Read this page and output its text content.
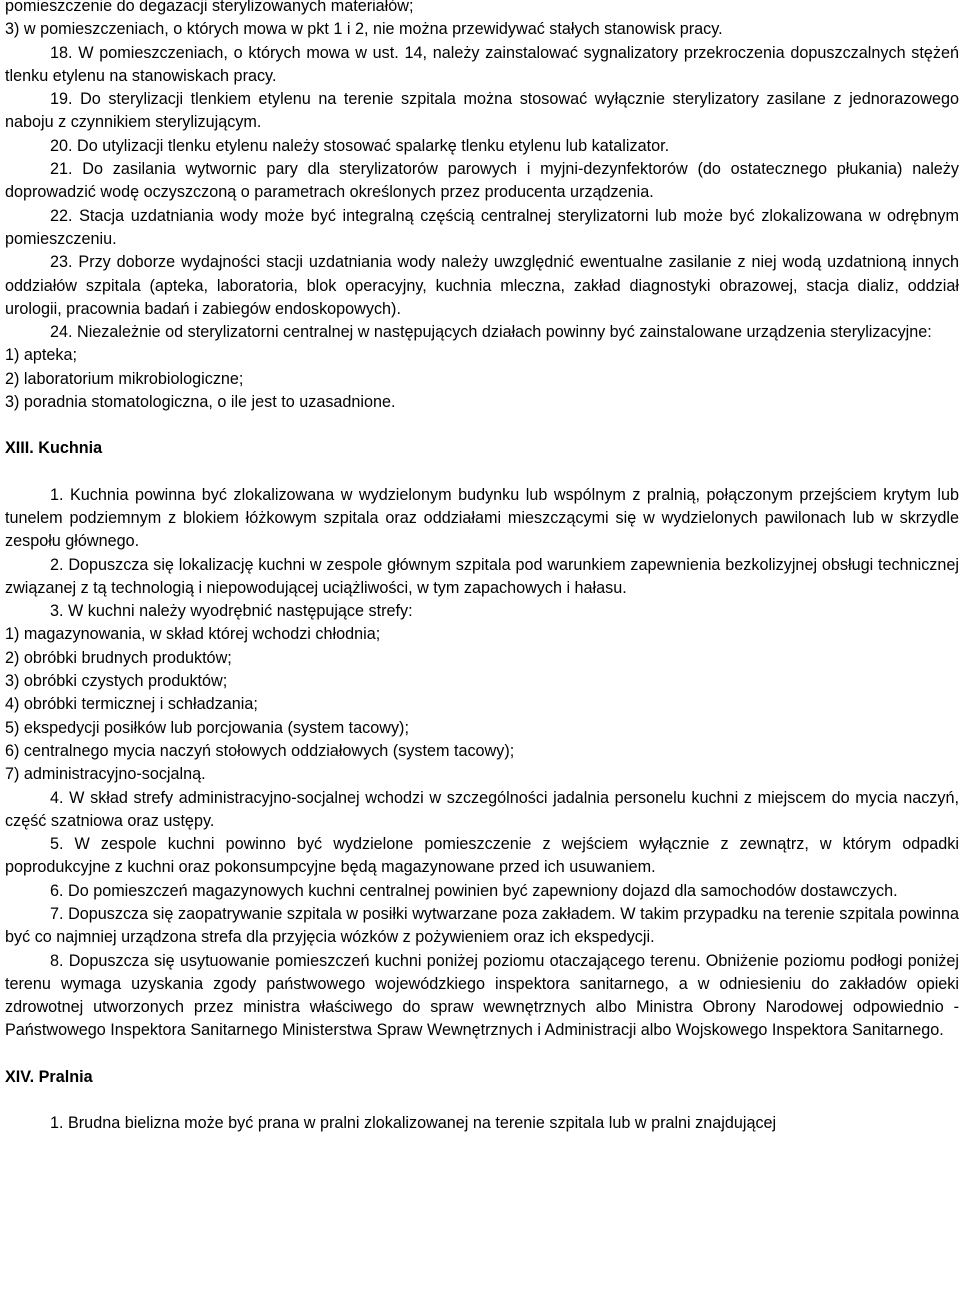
pomieszczenie do degazacji sterylizowanych materiałów;

3) w pomieszczeniach, o których mowa w pkt 1 i 2, nie można przewidywać stałych stanowisk pracy.

18. W pomieszczeniach, o których mowa w ust. 14, należy zainstalować sygnalizatory przekroczenia dopuszczalnych stężeń tlenku etylenu na stanowiskach pracy.

19. Do sterylizacji tlenkiem etylenu na terenie szpitala można stosować wyłącznie sterylizatory zasilane z jednorazowego naboju z czynnikiem sterylizującym.

20. Do utylizacji tlenku etylenu należy stosować spalarkę tlenku etylenu lub katalizator.

21. Do zasilania wytwornic pary dla sterylizatorów parowych i myjni-dezynfektorów (do ostatecznego płukania) należy doprowadzić wodę oczyszczoną o parametrach określonych przez producenta urządzenia.

22. Stacja uzdatniania wody może być integralną częścią centralnej sterylizatorni lub może być zlokalizowana w odrębnym pomieszczeniu.

23. Przy doborze wydajności stacji uzdatniania wody należy uwzględnić ewentualne zasilanie z niej wodą uzdatnioną innych oddziałów szpitala (apteka, laboratoria, blok operacyjny, kuchnia mleczna, zakład diagnostyki obrazowej, stacja dializ, oddział urologii, pracownia badań i zabiegów endoskopowych).

24. Niezależnie od sterylizatorni centralnej w następujących działach powinny być zainstalowane urządzenia sterylizacyjne:

1) apteka;

2) laboratorium mikrobiologiczne;

3) poradnia stomatologiczna, o ile jest to uzasadnione.

XIII. Kuchnia

1. Kuchnia powinna być zlokalizowana w wydzielonym budynku lub wspólnym z pralnią, połączonym przejściem krytym lub tunelem podziemnym z blokiem łóżkowym szpitala oraz oddziałami mieszczącymi się w wydzielonych pawilonach lub w skrzydle zespołu głównego.

2. Dopuszcza się lokalizację kuchni w zespole głównym szpitala pod warunkiem zapewnienia bezkolizyjnej obsługi technicznej związanej z tą technologią i niepowodującej uciążliwości, w tym zapachowych i hałasu.

3. W kuchni należy wyodrębnić następujące strefy:

1) magazynowania, w skład której wchodzi chłodnia;

2) obróbki brudnych produktów;

3) obróbki czystych produktów;

4) obróbki termicznej i schładzania;

5) ekspedycji posiłków lub porcjowania (system tacowy);

6) centralnego mycia naczyń stołowych oddziałowych (system tacowy);

7) administracyjno-socjalną.

4. W skład strefy administracyjno-socjalnej wchodzi w szczególności jadalnia personelu kuchni z miejscem do mycia naczyń, część szatniowa oraz ustępy.

5. W zespole kuchni powinno być wydzielone pomieszczenie z wejściem wyłącznie z zewnątrz, w którym odpadki poprodukcyjne z kuchni oraz pokonsumpcyjne będą magazynowane przed ich usuwaniem.

6. Do pomieszczeń magazynowych kuchni centralnej powinien być zapewniony dojazd dla samochodów dostawczych.

7. Dopuszcza się zaopatrywanie szpitala w posiłki wytwarzane poza zakładem. W takim przypadku na terenie szpitala powinna być co najmniej urządzona strefa dla przyjęcia wózków z pożywieniem oraz ich ekspedycji.

8. Dopuszcza się usytuowanie pomieszczeń kuchni poniżej poziomu otaczającego terenu. Obniżenie poziomu podłogi poniżej terenu wymaga uzyskania zgody państwowego wojewódzkiego inspektora sanitarnego, a w odniesieniu do zakładów opieki zdrowotnej utworzonych przez ministra właściwego do spraw wewnętrznych albo Ministra Obrony Narodowej odpowiednio - Państwowego Inspektora Sanitarnego Ministerstwa Spraw Wewnętrznych i Administracji albo Wojskowego Inspektora Sanitarnego.

XIV. Pralnia

1. Brudna bielizna może być prana w pralni zlokalizowanej na terenie szpitala lub w pralni znajdującej
